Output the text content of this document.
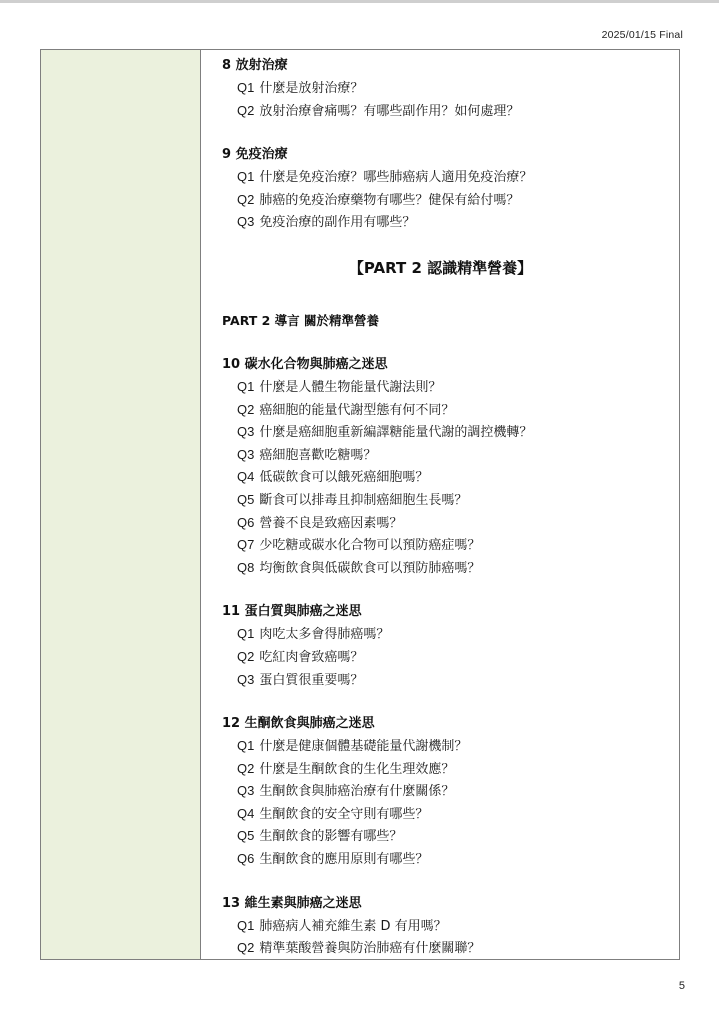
2025/01/15 Final
8 放射治療
Q1 什麼是放射治療？
Q2 放射治療會痛嗎？有哪些副作用？如何處理？
9 免疫治療
Q1 什麼是免疫治療？哪些肺癌病人適用免疫治療？
Q2 肺癌的免疫治療藥物有哪些？健保有給付嗎？
Q3 免疫治療的副作用有哪些？
【PART 2 認識精準營養】
PART 2 導言 關於精準營養
10 碳水化合物與肺癌之迷思
Q1 什麼是人體生物能量代謝法則？
Q2 癌細胞的能量代謝型態有何不同？
Q3 什麼是癌細胞重新編譯糖能量代謝的調控機轉？
Q3 癌細胞喜歡吃糖嗎？
Q4 低碳飲食可以餓死癌細胞嗎？
Q5 斷食可以排毒且抑制癌細胞生長嗎？
Q6 營養不良是致癌因素嗎？
Q7 少吃糖或碳水化合物可以預防癌症嗎？
Q8 均衡飲食與低碳飲食可以預防肺癌嗎？
11 蛋白質與肺癌之迷思
Q1 肉吃太多會得肺癌嗎？
Q2 吃紅肉會致癌嗎？
Q3 蛋白質很重要嗎？
12 生酮飲食與肺癌之迷思
Q1 什麼是健康個體基礎能量代謝機制？
Q2 什麼是生酮飲食的生化生理效應？
Q3 生酮飲食與肺癌治療有什麼關係？
Q4 生酮飲食的安全守則有哪些？
Q5 生酮飲食的影響有哪些？
Q6 生酮飲食的應用原則有哪些？
13 維生素與肺癌之迷思
Q1 肺癌病人補充維生素 D 有用嗎？
Q2 精準葉酸營養與防治肺癌有什麼關聯？
5
